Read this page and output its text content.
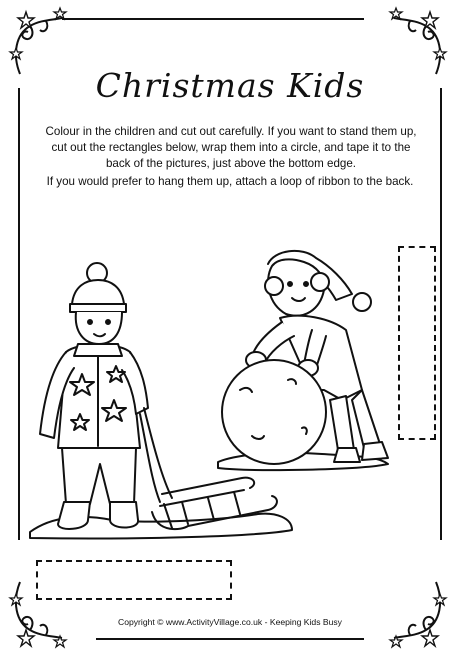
Christmas Kids

Colour in the children and cut out carefully. If you want to stand them up, cut out the rectangles below, wrap them into a circle, and tape it to the back of the pictures, just above the bottom edge.

If you would prefer to hang them up, attach a loop of ribbon to the back.

Copyright © www.ActivityVillage.co.uk - Keeping Kids Busy
